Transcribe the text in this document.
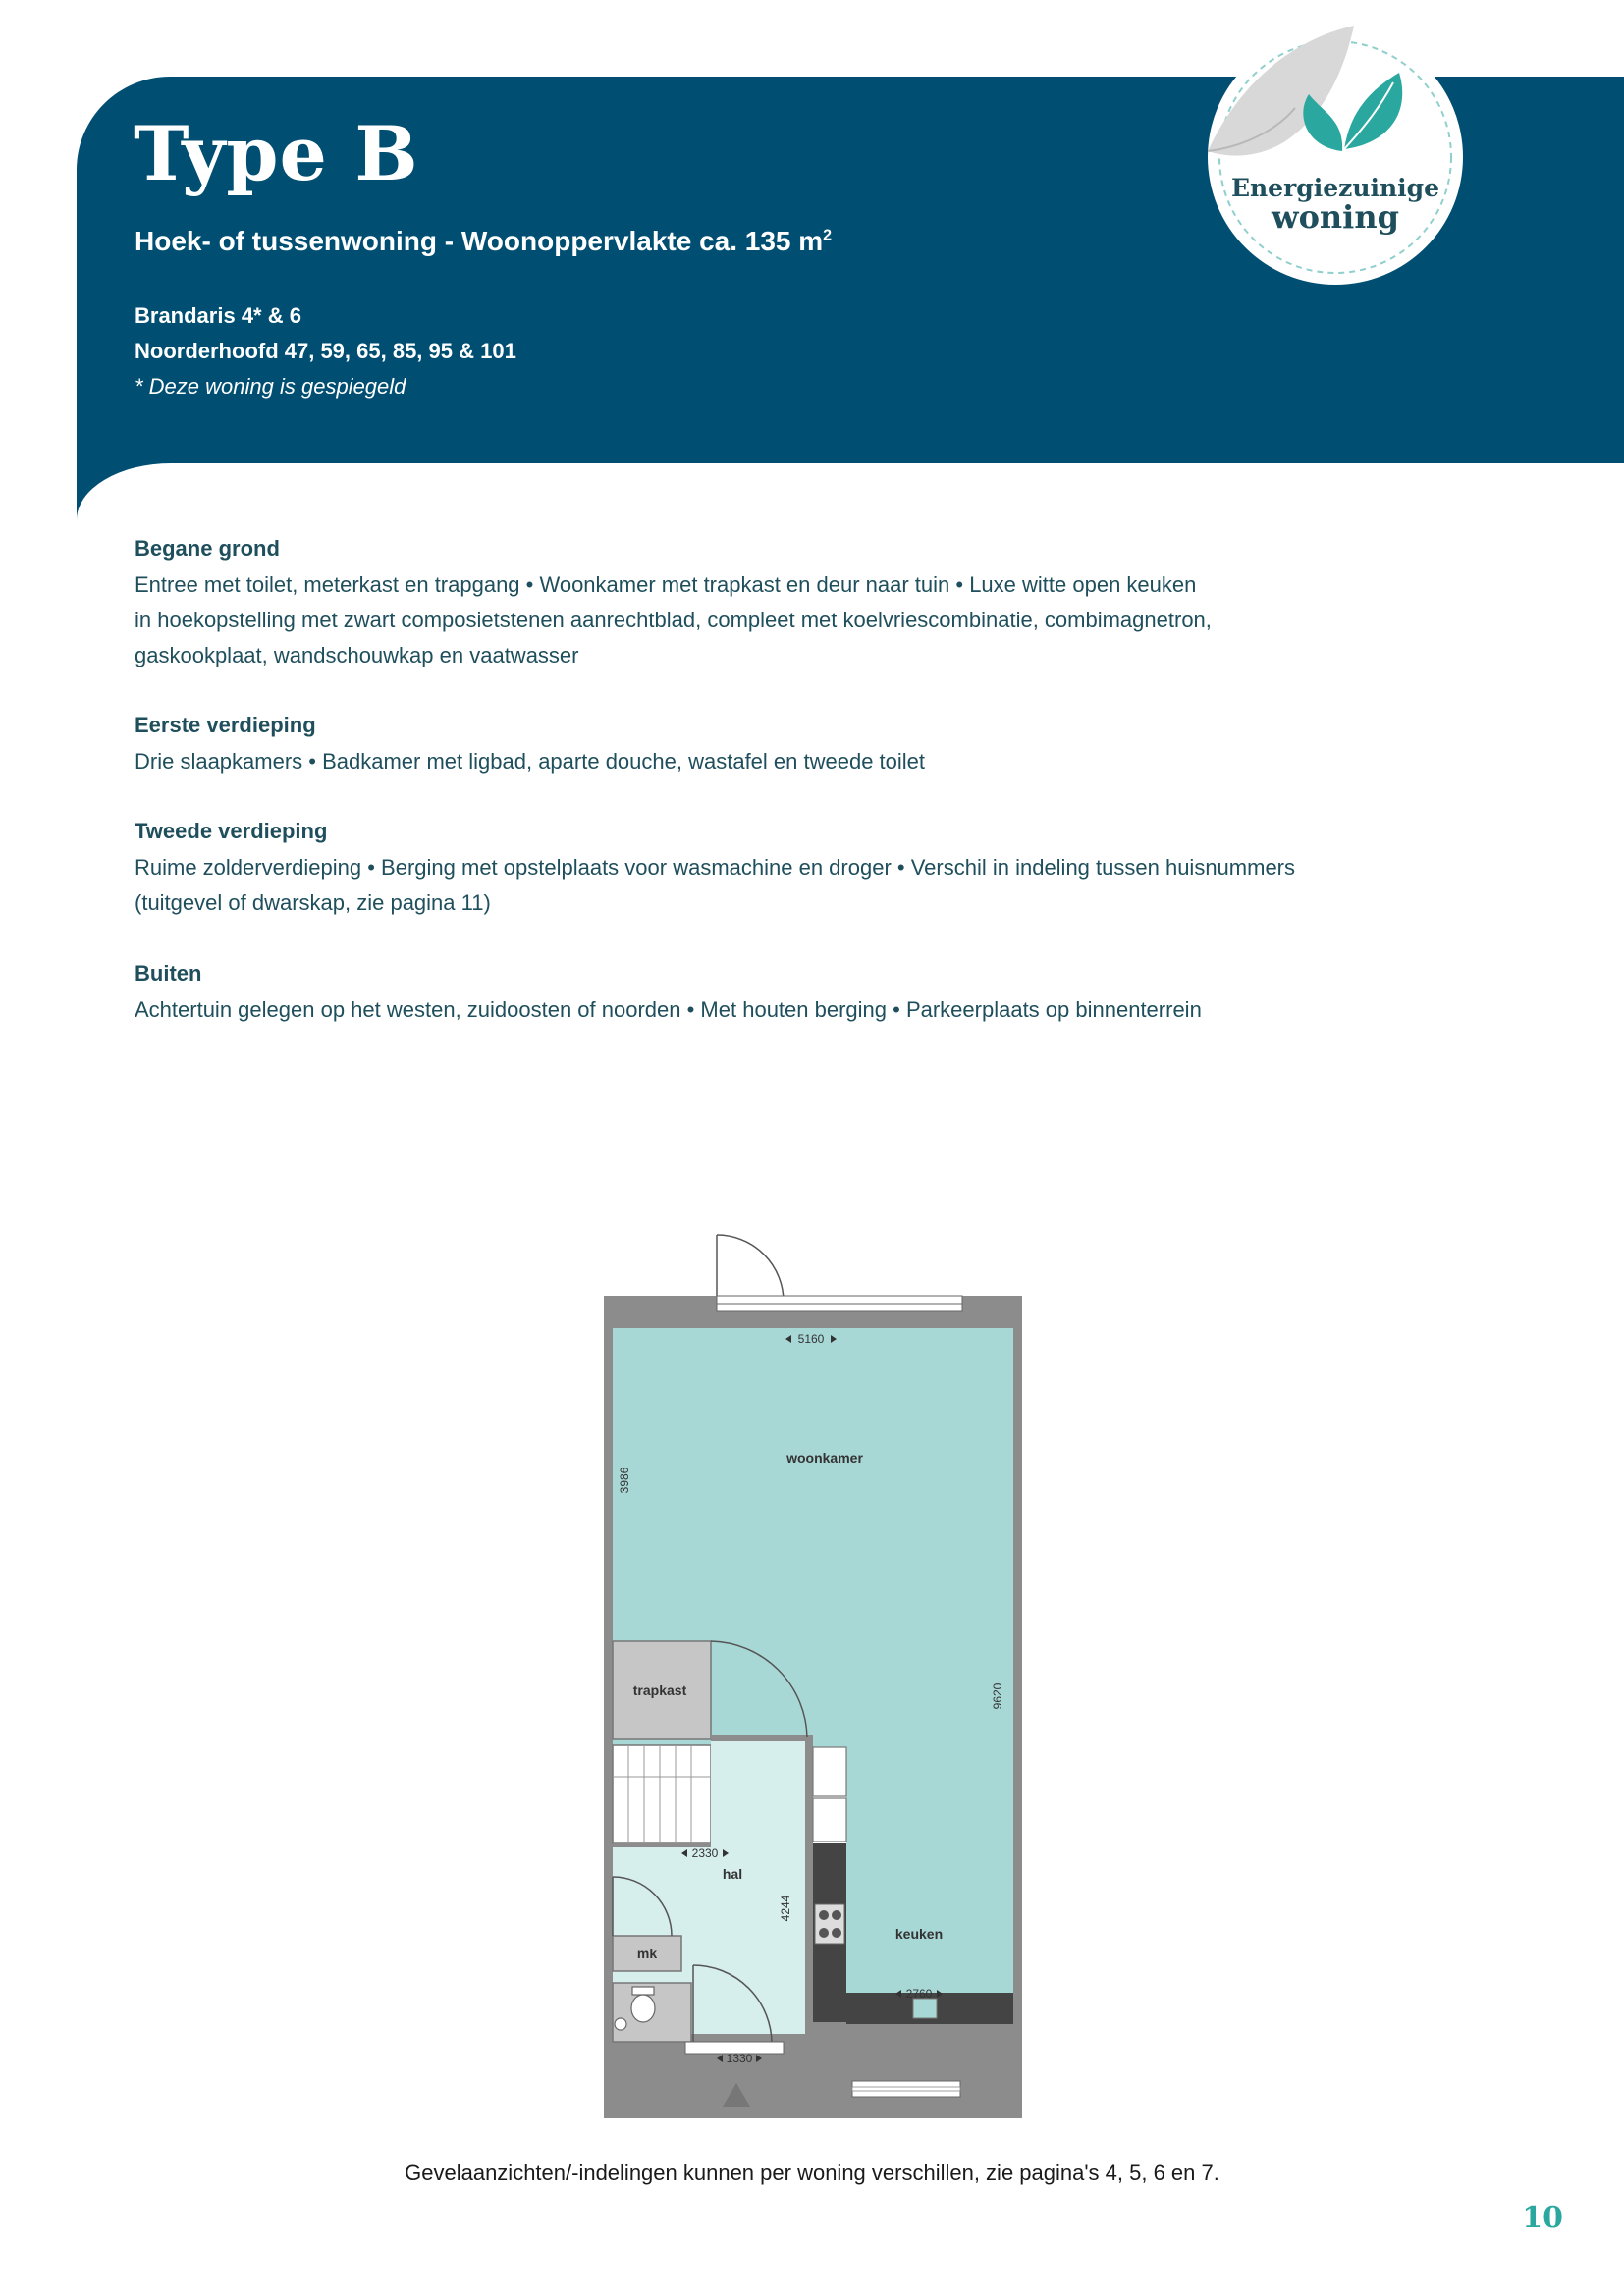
Type B
Hoek- of tussenwoning - Woonoppervlakte ca. 135 $m^2$
Brandaris 4* & 6
Noorderhoofd 47, 59, 65, 85, 95 & 101
* Deze woning is gespiegeld
Energiezuinige
woning
Begane grond

Entree met toilet, meterkast en trapgang • Woonkamer met trapkast en deur naar tuin • Luxe witte open keuken
in hoekopstelling met zwart composietstenen aanrechtblad, compleet met koelvriescombinatie, combimagnetron,
gaskookplaat, wandschouwkap en vaatwasser

Eerste verdieping

Drie slaapkamers • Badkamer met ligbad, aparte douche, wastafel en tweede toilet

Tweede verdieping

Ruime zolderverdieping • Berging met opstelplaats voor wasmachine en droger • Verschil in indeling tussen huisnummers
(tuitgevel of dwarskap, zie pagina 11)

Buiten

Achtertuin gelegen op het westen, zuidoosten of noorden • Met houten berging • Parkeerplaats op binnenterrein

woonkamer
trapkast
hal
mk
keuken
5160
2330
2760
1330
3986
9620
4244
Gevelaanzichten/-indelingen kunnen per woning verschillen, zie pagina's 4, 5, 6 en 7.
10
